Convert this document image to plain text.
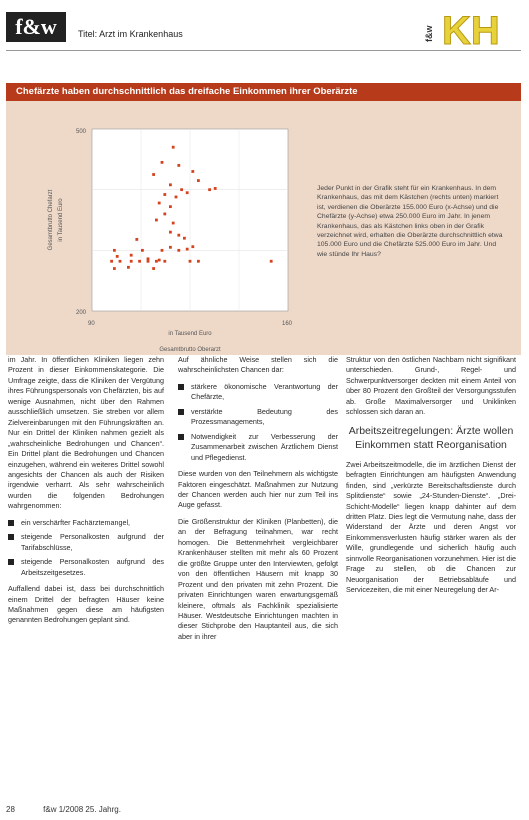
f&w	Titel: Arzt im Krankenhaus	f&w KH
Chefärzte haben durchschnittlich das dreifache Einkommen ihrer Oberärzte
500
200
90	160
in Tausend Euro
Gesamtbrutto Oberarzt
in Tausend Euro
Gesamtbrutto Chefarzt
Jeder Punkt in der Grafik steht für ein Krankenhaus. In dem Krankenhaus, das mit dem Kästchen (rechts unten) markiert ist, verdienen die Oberärzte 155.000 Euro (x-Achse) und die Chefärzte (y-Achse) etwa 250.000 Euro im Jahr. In jenem Krankenhaus, das als Kästchen links oben in der Grafik verzeichnet wird, erhalten die Oberärzte durchschnittlich etwa 105.000 Euro und die Chefärzte 525.000 Euro im Jahr. Und wie stünde Ihr Haus?

im Jahr. In öffentlichen Kliniken liegen zehn Prozent in dieser Einkommenskategorie. Die Umfrage zeigte, dass die Kliniken der Vergütung ihres Führungspersonals von Chefärzten, bis auf wenige Ausnahmen, nicht über den Rahmen ausschließlich umsetzen. Sie streben vor allem Zielvereinbarungen mit den Führungskräften an. Nur ein Drittel der Kliniken nahmen gezielt als „wahrscheinliche Bedrohungen und Chancen“. Ein Drittel plant die Bedrohungen und Chancen einzugehen, während ein weiteres Drittel sowohl angesichts der Chancen als auch der Risiken irgendwie verharrt. Als sehr wahrscheinlich wurden die folgenden Bedrohungen wahrgenommen:

ein verschärfter Fachärztemangel,
steigende Personalkosten aufgrund der Tarifabschlüsse,
steigende Personalkosten aufgrund des Arbeitszeitgesetzes.

Auffallend dabei ist, dass bei durchschnittlich einem Drittel der befragten Häuser keine Maßnahmen gegen diese am häufigsten genannten Bedrohungen geplant sind.

Auf ähnliche Weise stellen sich die wahrscheinlichsten Chancen dar:

stärkere ökonomische Verantwortung der Chefärzte,
verstärkte Bedeutung des Prozessmanagements,
Notwendigkeit zur Verbesserung der Zusammenarbeit zwischen Ärztlichem Dienst und Pflegedienst.

Diese wurden von den Teilnehmern als wichtigste Faktoren eingeschätzt. Maßnahmen zur Nutzung der Chancen werden auch hier nur zum Teil ins Auge gefasst.

Die Größenstruktur der Kliniken (Planbetten), die an der Befragung teilnahmen, war recht homogen. Die Bettenmehrheit vergleichbarer Krankenhäuser stellten mit mehr als 60 Prozent die größte Gruppe unter den Interviewten, gefolgt von den öffentlichen Häusern mit knapp 30 Prozent und den privaten mit zehn Prozent. Die privaten Einrichtungen waren erwartungsgemäß kleinere, oftmals als Fachklinik spezialisierte Häuser. Westdeutsche Einrichtungen machten in dieser Stichprobe den Hauptanteil aus, die sich aber in ihrer

Struktur von den östlichen Nachbarn nicht signifikant unterschieden. Grund-, Regel- und Schwerpunktversorger deckten mit einem Anteil von über 80 Prozent den Großteil der Versorgungsstufen ab. Große Maximalversorger und Uniklinken schlossen sich daran an.

Arbeitszeitregelungen: Ärzte wollen Einkommen statt Reorganisation

Zwei Arbeitszeitmodelle, die im ärztlichen Dienst der befragten Einrichtungen am häufigsten Anwendung finden, sind „verkürzte Bereitschaftsdienste durch Splitdienste“ sowie „24-Stunden-Dienste“. „Drei-Schicht-Modelle“ liegen knapp dahinter auf dem dritten Platz. Dies legt die Vermutung nahe, dass der Widerstand der Ärzte und deren Angst vor Einkommensverlusten häufig stärker waren als der Wille, grundlegende und sicherlich häufig auch sinnvolle Reorganisationen vorzunehmen. Hier ist die Frage zu stellen, ob die Chancen zur Neuorganisation der Betriebsabläufe und Servicezeiten, die mit einer Neuregelung der Ar-

28	f&w 1/2008 25. Jahrg.
